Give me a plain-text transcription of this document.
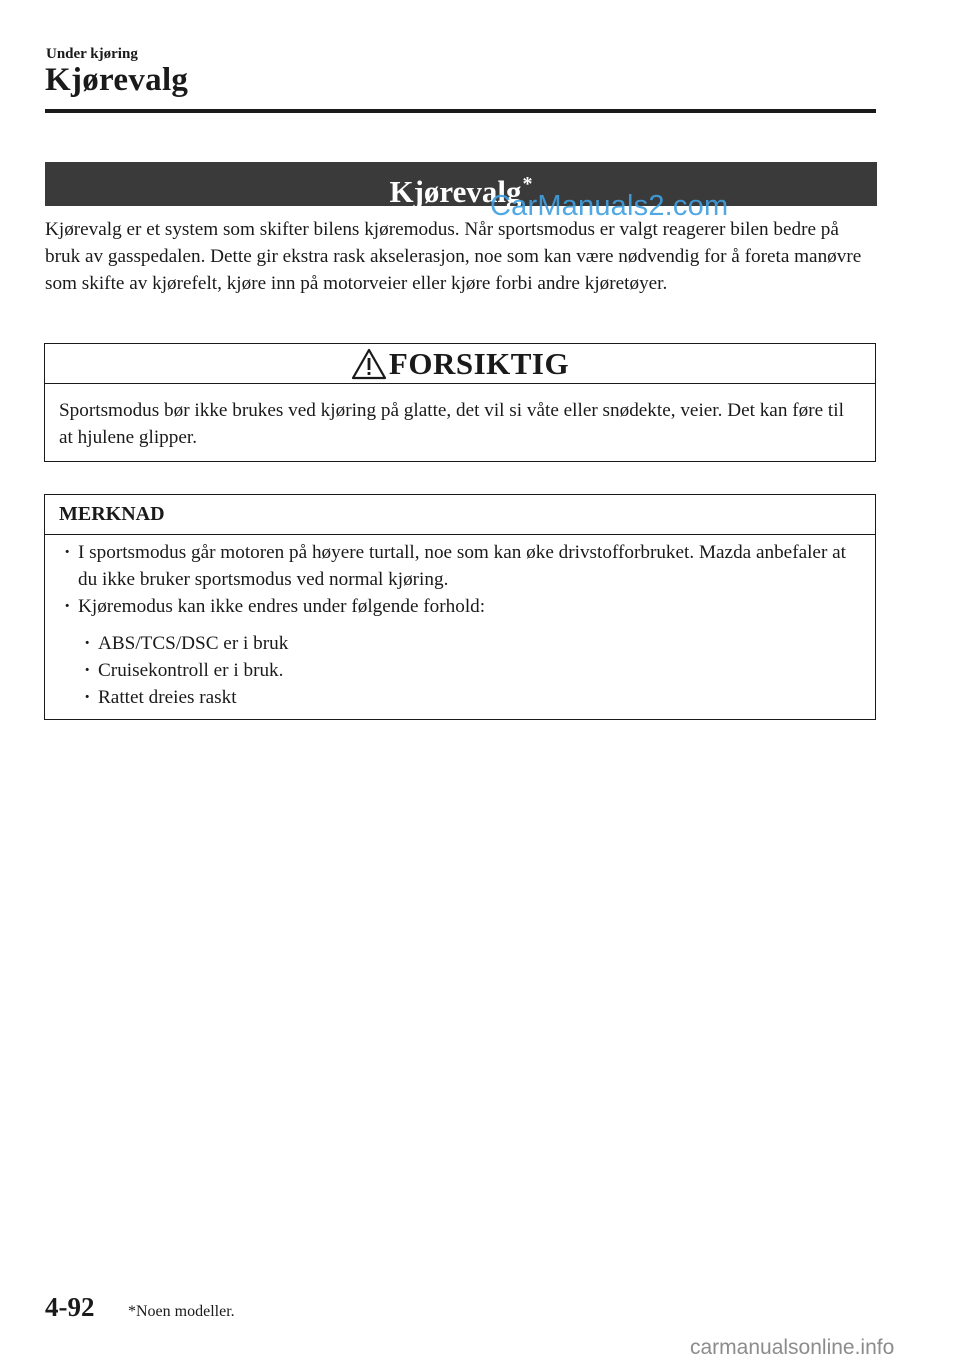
Under kjøring
Kjørevalg
Kjørevalg*
CarManuals2.com

Kjørevalg er et system som skifter bilens kjøremodus. Når sportsmodus er valgt reagerer bilen bedre på bruk av gasspedalen. Dette gir ekstra rask akselerasjon, noe som kan være nødvendig for å foreta manøvre som skifte av kjørefelt, kjøre inn på motorveier eller kjøre forbi andre kjøretøyer.

FORSIKTIG
Sportsmodus bør ikke brukes ved kjøring på glatte, det vil si våte eller snødekte, veier. Det kan føre til at hjulene glipper.
MERKNAD
· I sportsmodus går motoren på høyere turtall, noe som kan øke drivstofforbruket. Mazda anbefaler at du ikke bruker sportsmodus ved normal kjøring.
· Kjøremodus kan ikke endres under følgende forhold:
· ABS/TCS/DSC er i bruk
· Cruisekontroll er i bruk.
· Rattet dreies raskt
4-92 *Noen modeller.
carmanualsonline.info
